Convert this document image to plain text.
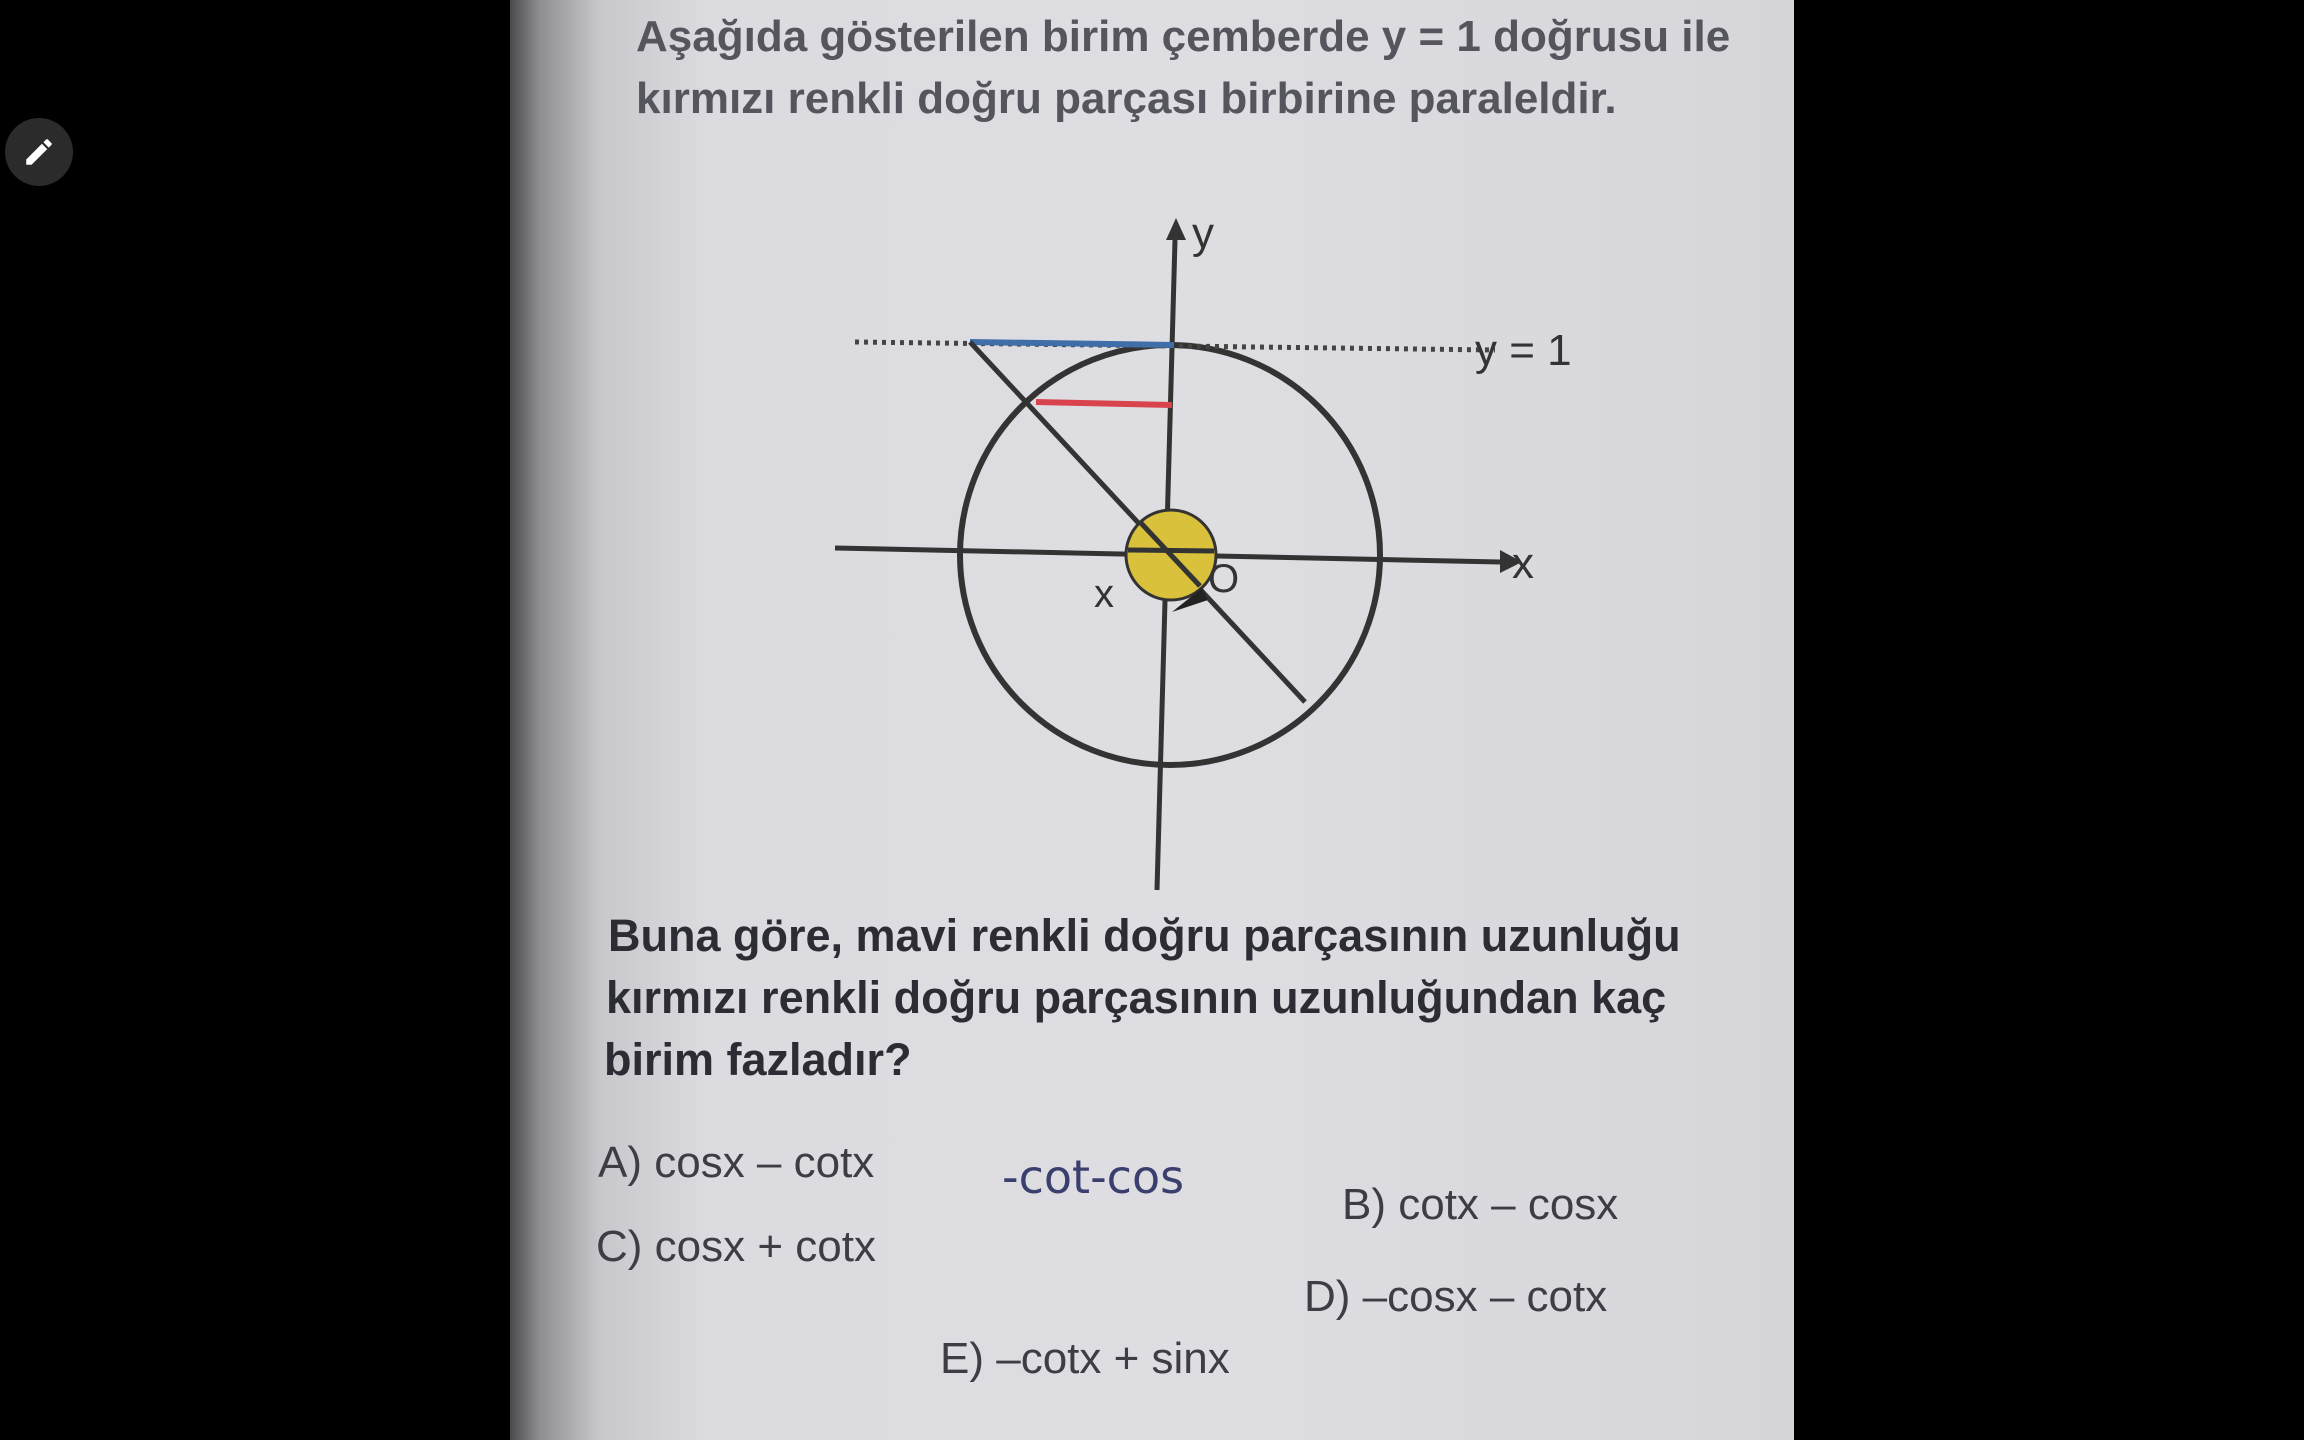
Aşağıda gösterilen birim çemberde y = 1 doğrusu ile
kırmızı renkli doğru parçası birbirine paraleldir.
y
x
y = 1
x O
Buna göre, mavi renkli doğru parçasının uzunluğu
kırmızı renkli doğru parçasının uzunluğundan kaç
birim fazladır?
A) cosx – cotx
C) cosx + cotx
-cot-cos
B) cotx – cosx
D) –cosx – cotx
E) –cotx + sinx
